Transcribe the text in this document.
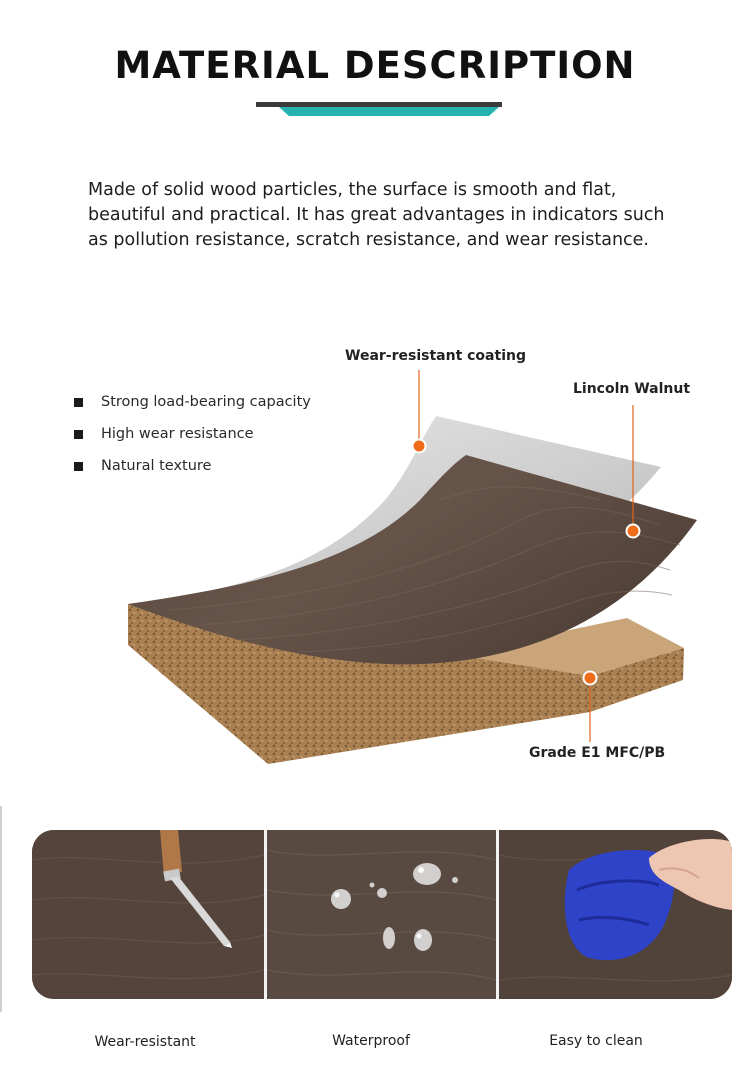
MATERIAL DESCRIPTION

Made of solid wood particles, the surface is smooth and flat, beautiful and practical. It has great advantages in indicators such as pollution resistance, scratch resistance, and wear resistance.

Strong load-bearing capacity
High wear resistance
Natural texture
Wear-resistant coating
Lincoln Walnut
Grade E1 MFC/PB
Wear-resistant	Waterproof	Easy to clean
